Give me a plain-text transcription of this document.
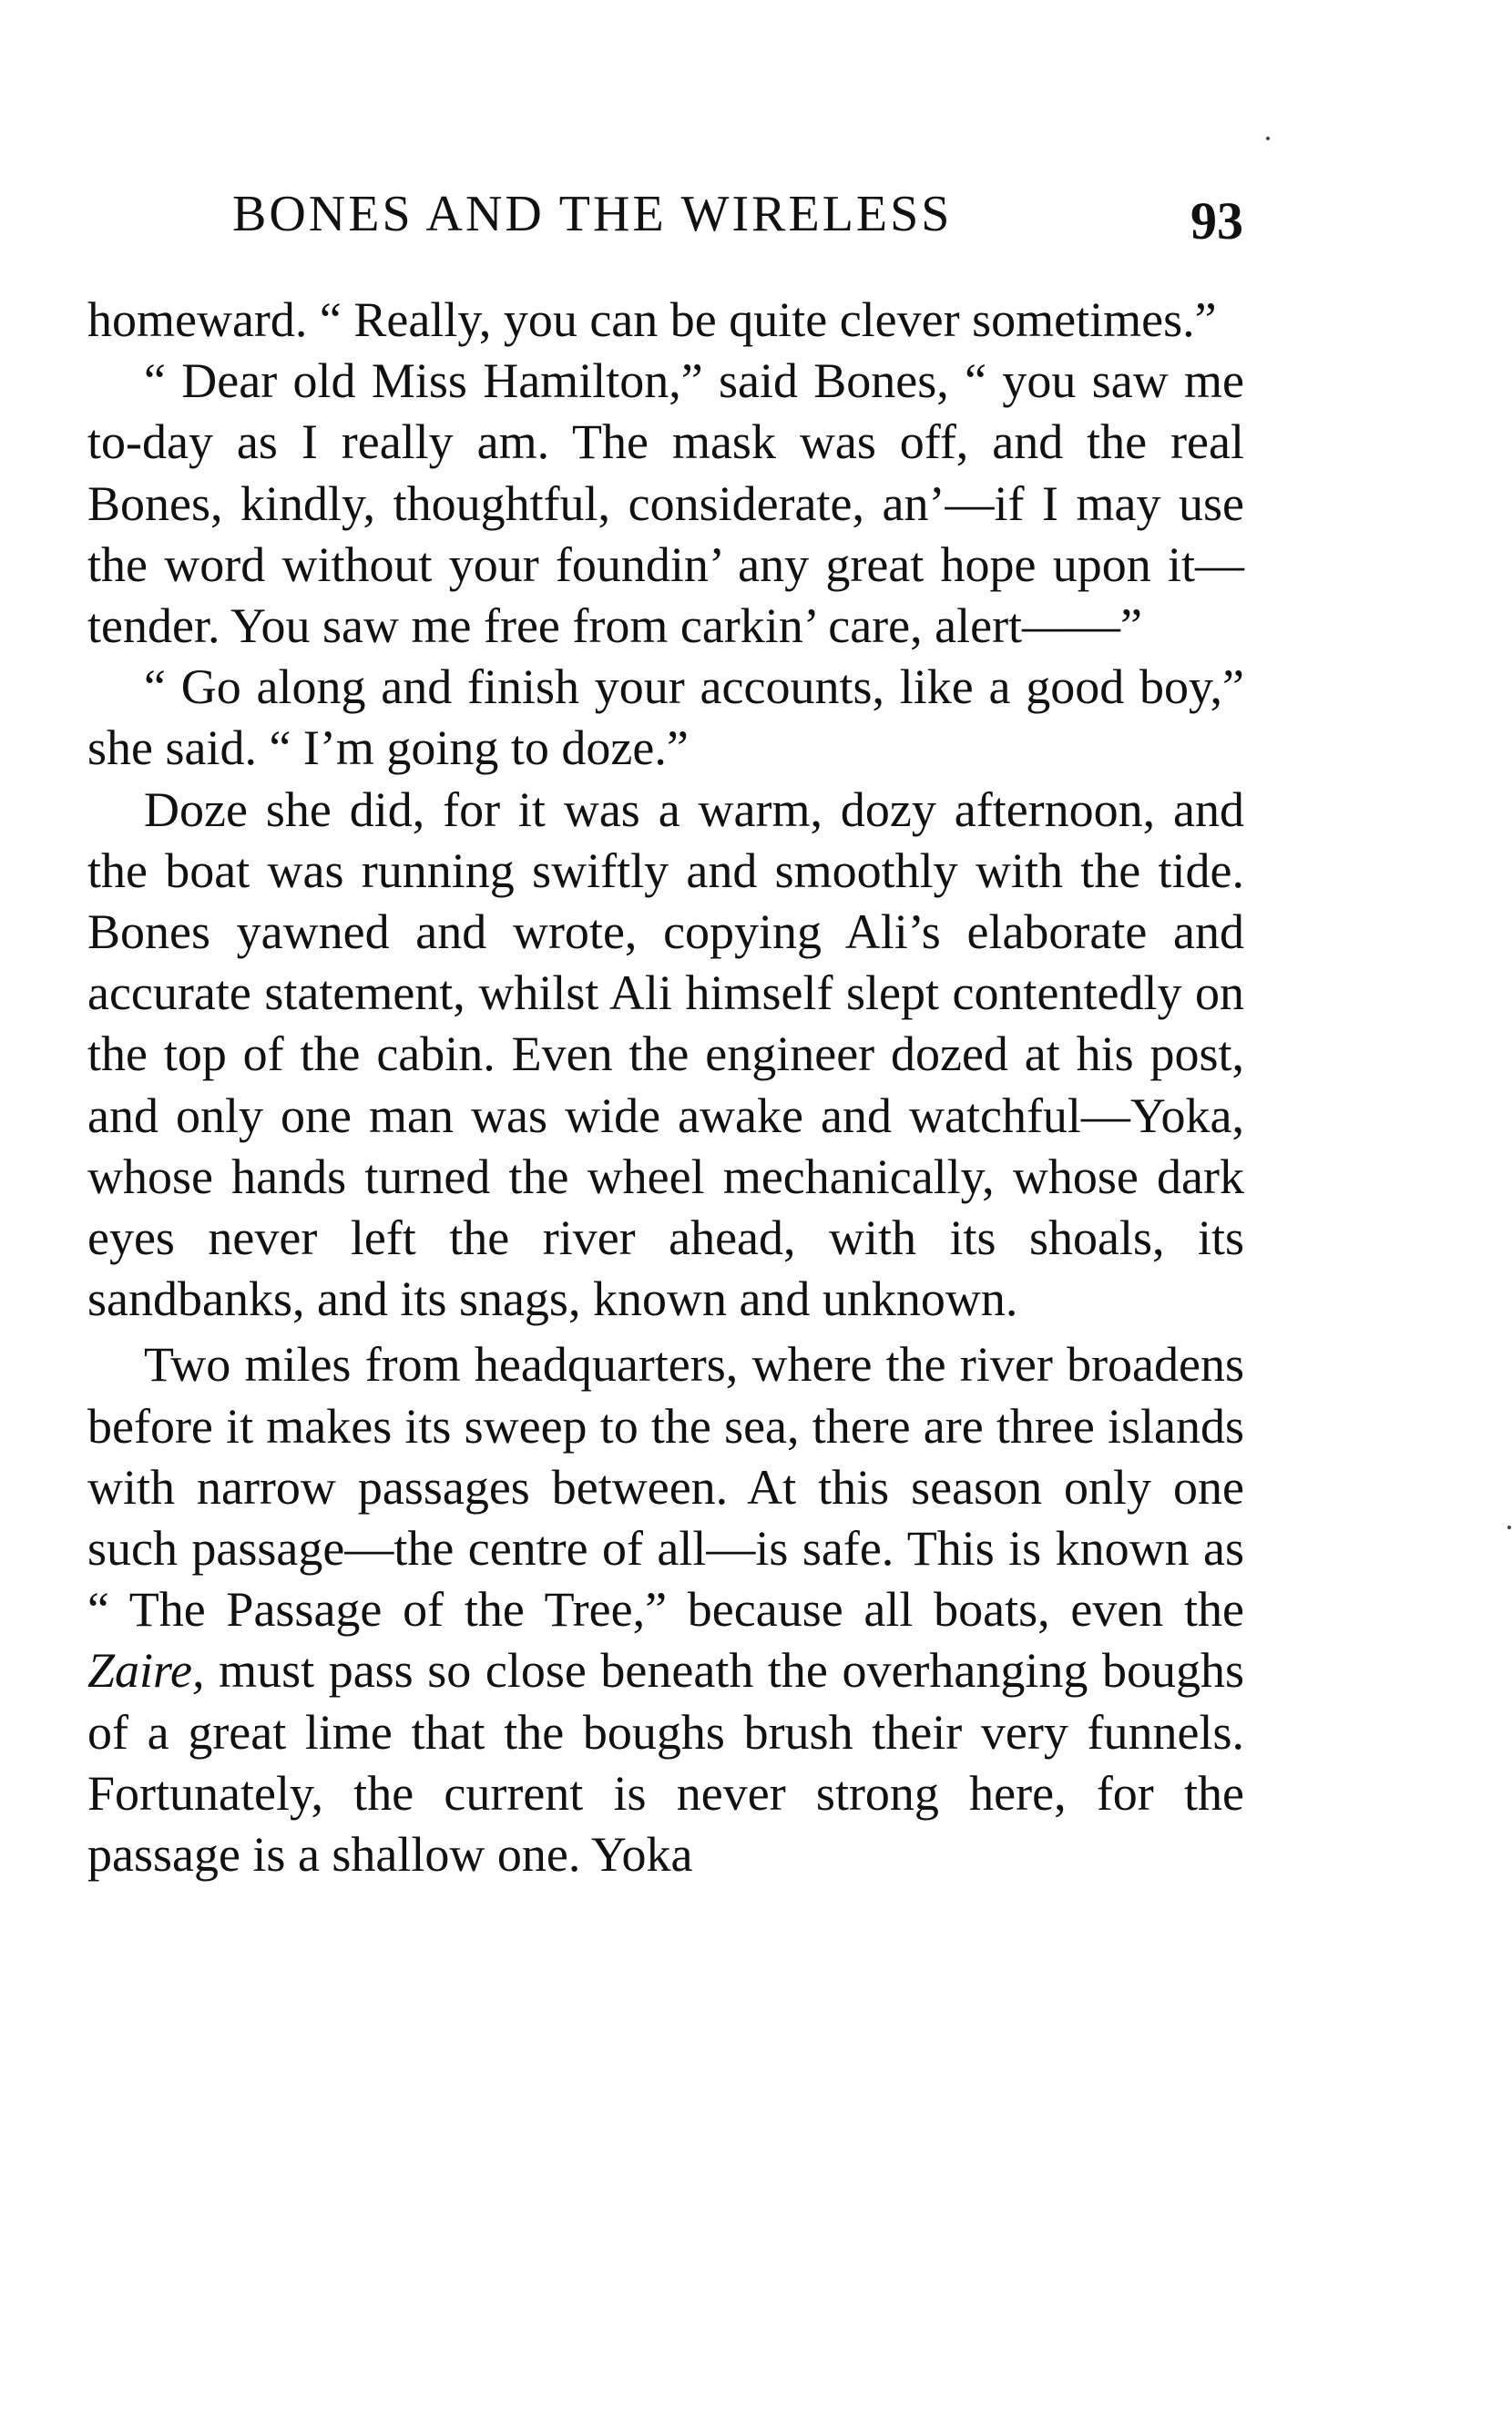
BONES AND THE WIRELESS	93

homeward. “ Really, you can be quite clever sometimes.”

“ Dear old Miss Hamilton,” said Bones, “ you saw me to-day as I really am. The mask was off, and the real Bones, kindly, thoughtful, considerate, an’—if I may use the word without your foundin’ any great hope upon it—tender. You saw me free from carkin’ care, alert——”

“ Go along and finish your accounts, like a good boy,” she said. “ I’m going to doze.”

Doze she did, for it was a warm, dozy afternoon, and the boat was running swiftly and smoothly with the tide. Bones yawned and wrote, copying Ali’s elaborate and accurate statement, whilst Ali himself slept contentedly on the top of the cabin. Even the engineer dozed at his post, and only one man was wide awake and watchful—Yoka, whose hands turned the wheel mechanically, whose dark eyes never left the river ahead, with its shoals, its sandbanks, and its snags, known and unknown.

Two miles from headquarters, where the river broadens before it makes its sweep to the sea, there are three islands with narrow passages between. At this season only one such passage—the centre of all—is safe. This is known as “ The Passage of the Tree,” because all boats, even the Zaire, must pass so close beneath the overhanging boughs of a great lime that the boughs brush their very funnels. Fortunately, the current is never strong here, for the passage is a shallow one. Yoka
